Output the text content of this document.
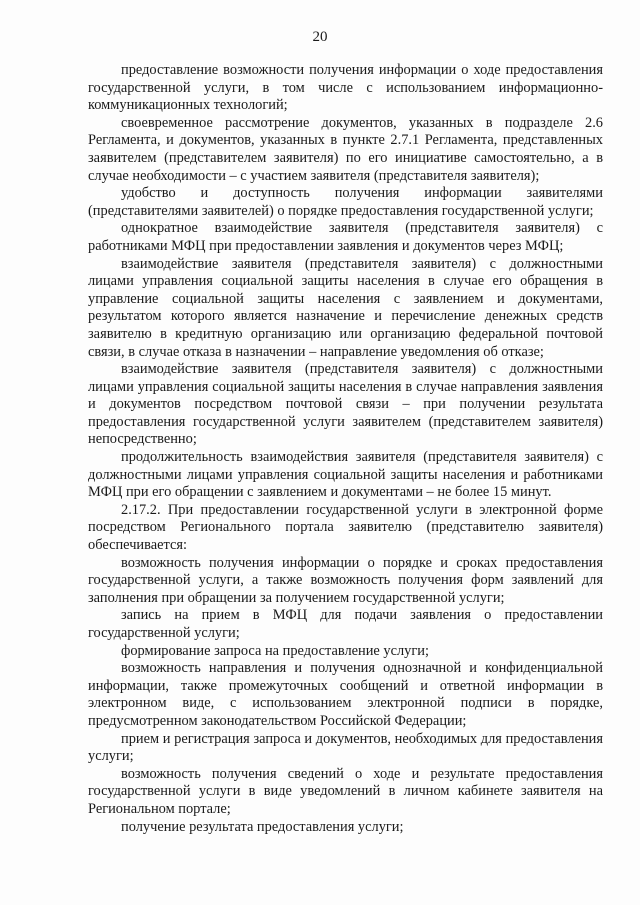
20

предоставление возможности получения информации о ходе предоставления государственной услуги, в том числе с использованием информационно-коммуникационных технологий;

своевременное рассмотрение документов, указанных в подразделе 2.6 Регламента, и документов, указанных в пункте 2.7.1 Регламента, представленных заявителем (представителем заявителя) по его инициативе самостоятельно, а в случае необходимости – с участием заявителя (представителя заявителя);

удобство и доступность получения информации заявителями (представителями заявителей) о порядке предоставления государственной услуги;

однократное взаимодействие заявителя (представителя заявителя) с работниками МФЦ при предоставлении заявления и документов через МФЦ;

взаимодействие заявителя (представителя заявителя) с должностными лицами управления социальной защиты населения в случае его обращения в управление социальной защиты населения с заявлением и документами, результатом которого является назначение и перечисление денежных средств заявителю в кредитную организацию или организацию федеральной почтовой связи, в случае отказа в назначении – направление уведомления об отказе;

взаимодействие заявителя (представителя заявителя) с должностными лицами управления социальной защиты населения в случае направления заявления и документов посредством почтовой связи – при получении результата предоставления государственной услуги заявителем (представителем заявителя) непосредственно;

продолжительность взаимодействия заявителя (представителя заявителя) с должностными лицами управления социальной защиты населения и работниками МФЦ при его обращении с заявлением и документами – не более 15 минут.

2.17.2. При предоставлении государственной услуги в электронной форме посредством Регионального портала заявителю (представителю заявителя) обеспечивается:

возможность получения информации о порядке и сроках предоставления государственной услуги, а также возможность получения форм заявлений для заполнения при обращении за получением государственной услуги;

запись на прием в МФЦ для подачи заявления о предоставлении государственной услуги;

формирование запроса на предоставление услуги;

возможность направления и получения однозначной и конфиденциальной информации, также промежуточных сообщений и ответной информации в электронном виде, с использованием электронной подписи в порядке, предусмотренном законодательством Российской Федерации;

прием и регистрация запроса и документов, необходимых для предоставления услуги;

возможность получения сведений о ходе и результате предоставления государственной услуги в виде уведомлений в личном кабинете заявителя на Региональном портале;

получение результата предоставления услуги;
